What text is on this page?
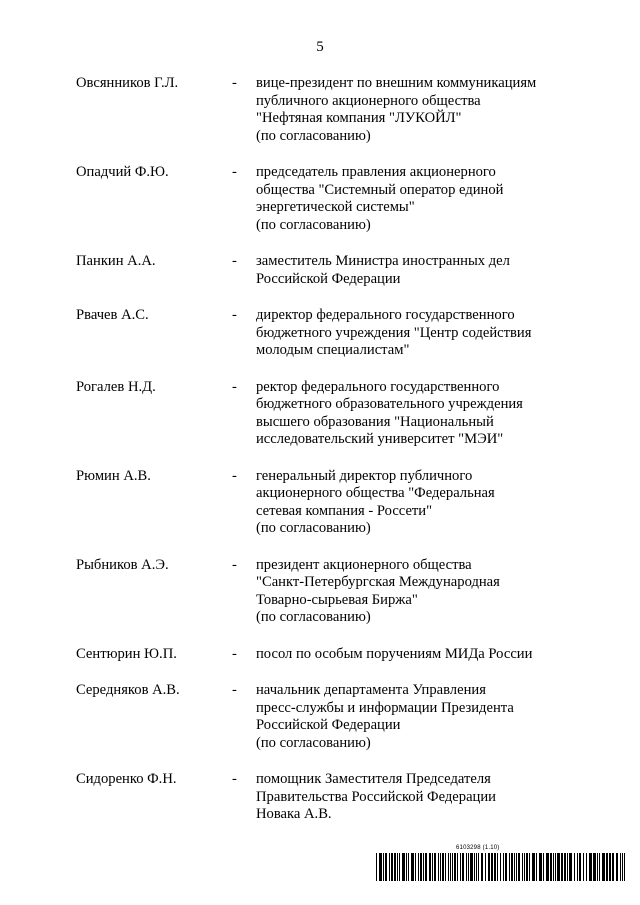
5
Овсянников Г.Л.	- вице-президент по внешним коммуникациям
публичного акционерного общества
"Нефтяная компания "ЛУКОЙЛ"
(по согласованию)
Опадчий Ф.Ю.	- председатель правления акционерного
общества "Системный оператор единой
энергетической системы"
(по согласованию)
Панкин А.А.	- заместитель Министра иностранных дел
Российской Федерации
Рвачев А.С.	- директор федерального государственного
бюджетного учреждения "Центр содействия
молодым специалистам"
Рогалев Н.Д.	- ректор федерального государственного
бюджетного образовательного учреждения
высшего образования "Национальный
исследовательский университет "МЭИ"
Рюмин А.В.	- генеральный директор публичного
акционерного общества "Федеральная
сетевая компания - Россети"
(по согласованию)
Рыбников А.Э.	- президент акционерного общества
"Санкт-Петербургская Международная
Товарно-сырьевая Биржа"
(по согласованию)
Сентюрин Ю.П.	- посол по особым поручениям МИДа России
Середняков А.В.	- начальник департамента Управления
пресс-службы и информации Президента
Российской Федерации
(по согласованию)
Сидоренко Ф.Н.	- помощник Заместителя Председателя
Правительства Российской Федерации
Новака А.В.
6103298 (1.10)
